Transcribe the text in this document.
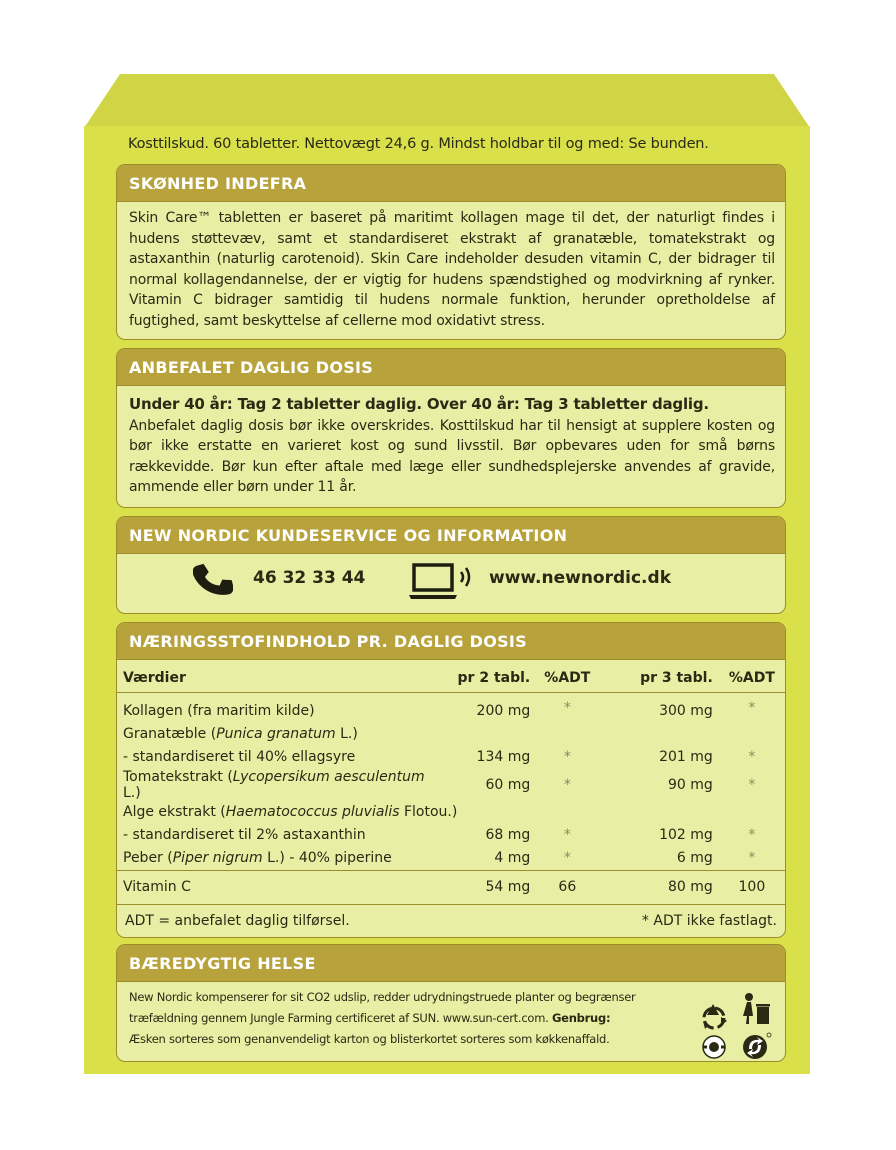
Kosttilskud. 60 tabletter. Nettovægt 24,6 g. Mindst holdbar til og med: Se bunden.
SKØNHED INDEFRA
Skin Care™ tabletten er baseret på maritimt kollagen mage til det, der naturligt findes i hudens støttevæv, samt et standardiseret ekstrakt af granatæble, tomatekstrakt og astaxanthin (naturlig carotenoid). Skin Care indeholder desuden vitamin C, der bidrager til normal kollagendannelse, der er vigtig for hudens spændstighed og modvirkning af rynker. Vitamin C bidrager samtidig til hudens normale funktion, herunder opretholdelse af fugtighed, samt beskyttelse af cellerne mod oxidativt stress.
ANBEFALET DAGLIG DOSIS
Under 40 år: Tag 2 tabletter daglig. Over 40 år: Tag 3 tabletter daglig.
Anbefalet daglig dosis bør ikke overskrides. Kosttilskud har til hensigt at supplere kosten og bør ikke erstatte en varieret kost og sund livsstil. Bør opbevares uden for små børns rækkevidde. Bør kun efter aftale med læge eller sundhedsplejerske anvendes af gravide, ammende eller børn under 11 år.
NEW NORDIC KUNDESERVICE OG INFORMATION
46 32 33 44	www.newnordic.dk
NÆRINGSSTOFINDHOLD PR. DAGLIG DOSIS
Værdier	pr 2 tabl.	%ADT	pr 3 tabl.	%ADT
Kollagen (fra maritim kilde)	200 mg	*	300 mg	*
Granatæble (Punica granatum L.)				
- standardiseret til 40% ellagsyre	134 mg	*	201 mg	*
Tomatekstrakt (Lycopersikum aesculentum L.)	60 mg	*	90 mg	*
Alge ekstrakt (Haematococcus pluvialis Flotou.)				
- standardiseret til 2% astaxanthin	68 mg	*	102 mg	*
Peber (Piper nigrum L.) - 40% piperine	4 mg	*	6 mg	*
Vitamin C	54 mg	66	80 mg	100
ADT = anbefalet daglig tilførsel.	* ADT ikke fastlagt.
BÆREDYGTIG HELSE
New Nordic kompenserer for sit CO2 udslip, redder udrydningstruede planter og begrænser
træfældning gennem Jungle Farming certificeret af SUN. www.sun-cert.com. Genbrug:
Æsken sorteres som genanvendeligt karton og blisterkortet sorteres som køkkenaffald.
